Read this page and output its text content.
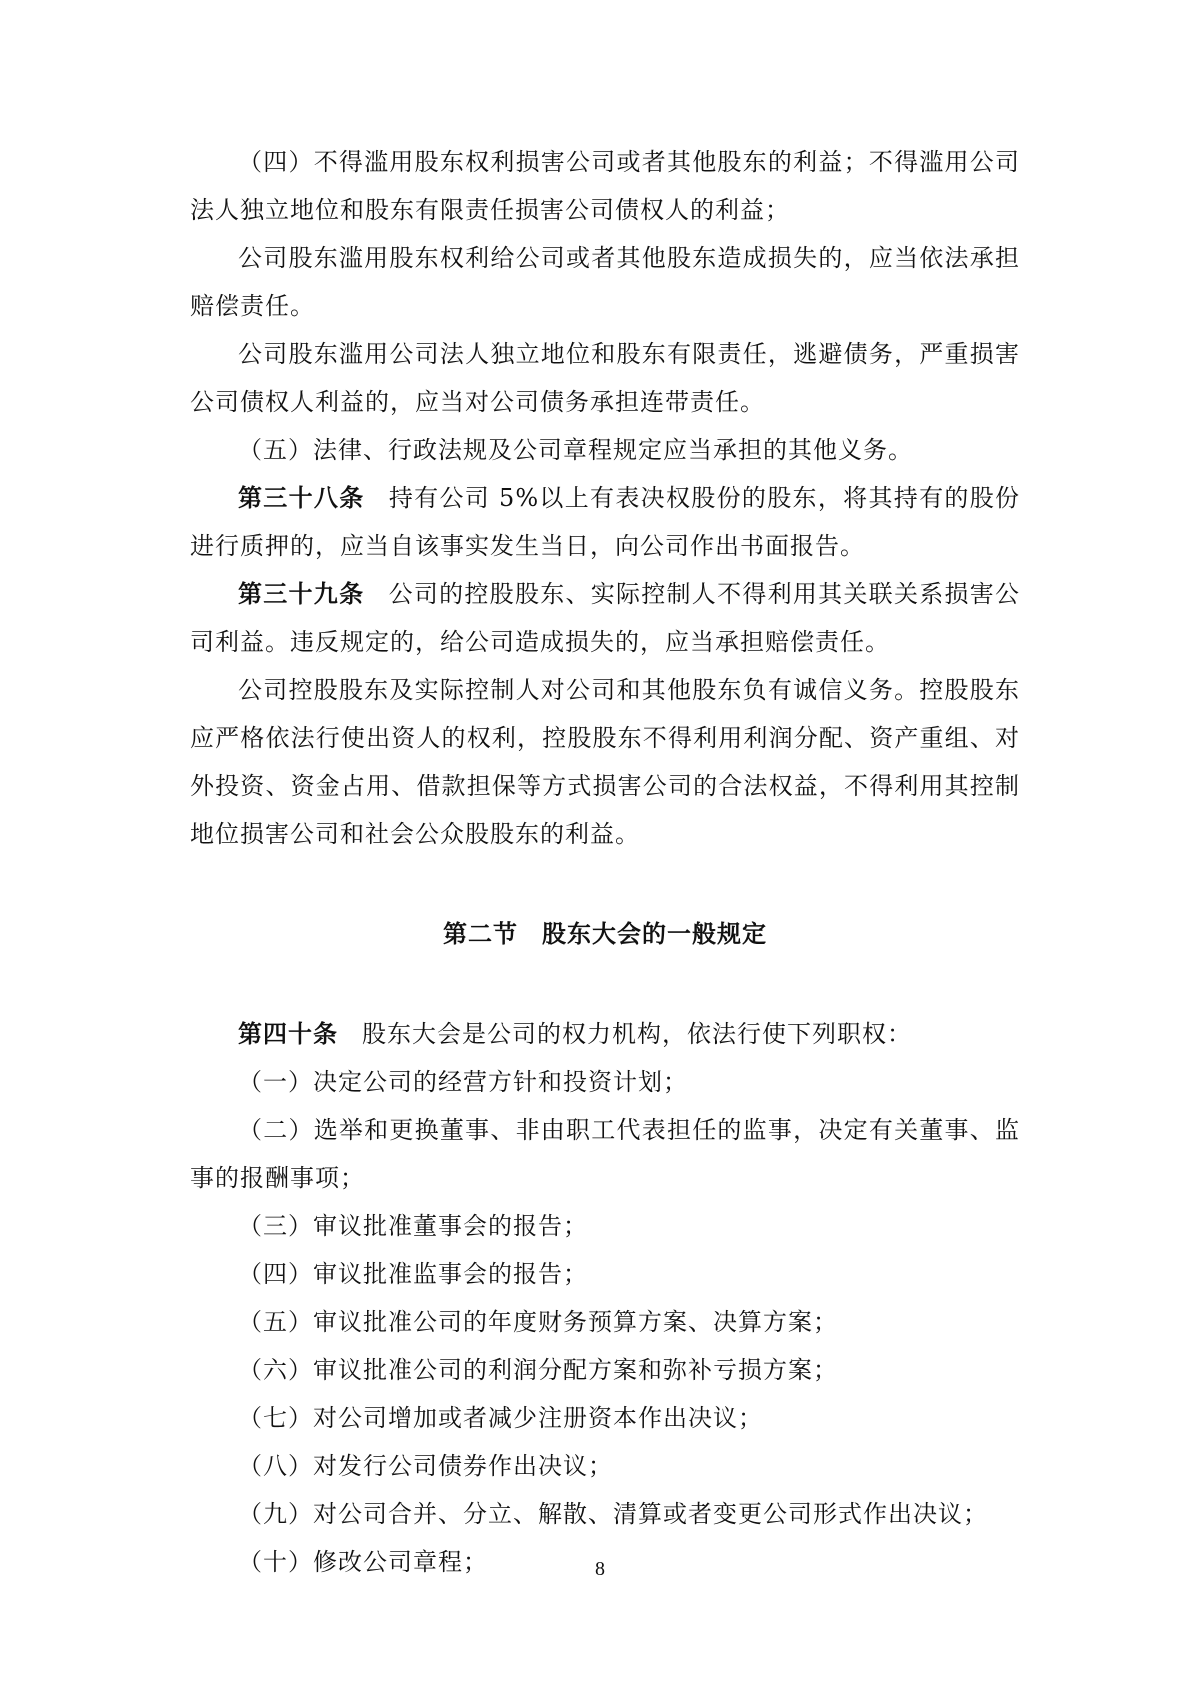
（四）不得滥用股东权利损害公司或者其他股东的利益；不得滥用公司法人独立地位和股东有限责任损害公司债权人的利益；

公司股东滥用股东权利给公司或者其他股东造成损失的，应当依法承担赔偿责任。

公司股东滥用公司法人独立地位和股东有限责任，逃避债务，严重损害公司债权人利益的，应当对公司债务承担连带责任。

（五）法律、行政法规及公司章程规定应当承担的其他义务。

第三十八条 持有公司 5%以上有表决权股份的股东，将其持有的股份进行质押的，应当自该事实发生当日，向公司作出书面报告。

第三十九条 公司的控股股东、实际控制人不得利用其关联关系损害公司利益。违反规定的，给公司造成损失的，应当承担赔偿责任。

公司控股股东及实际控制人对公司和其他股东负有诚信义务。控股股东应严格依法行使出资人的权利，控股股东不得利用利润分配、资产重组、对外投资、资金占用、借款担保等方式损害公司的合法权益，不得利用其控制地位损害公司和社会公众股股东的利益。

第二节 股东大会的一般规定

第四十条 股东大会是公司的权力机构，依法行使下列职权：

（一）决定公司的经营方针和投资计划；

（二）选举和更换董事、非由职工代表担任的监事，决定有关董事、监事的报酬事项；

（三）审议批准董事会的报告；

（四）审议批准监事会的报告；

（五）审议批准公司的年度财务预算方案、决算方案；

（六）审议批准公司的利润分配方案和弥补亏损方案；

（七）对公司增加或者减少注册资本作出决议；

（八）对发行公司债券作出决议；

（九）对公司合并、分立、解散、清算或者变更公司形式作出决议；

（十）修改公司章程；	8
